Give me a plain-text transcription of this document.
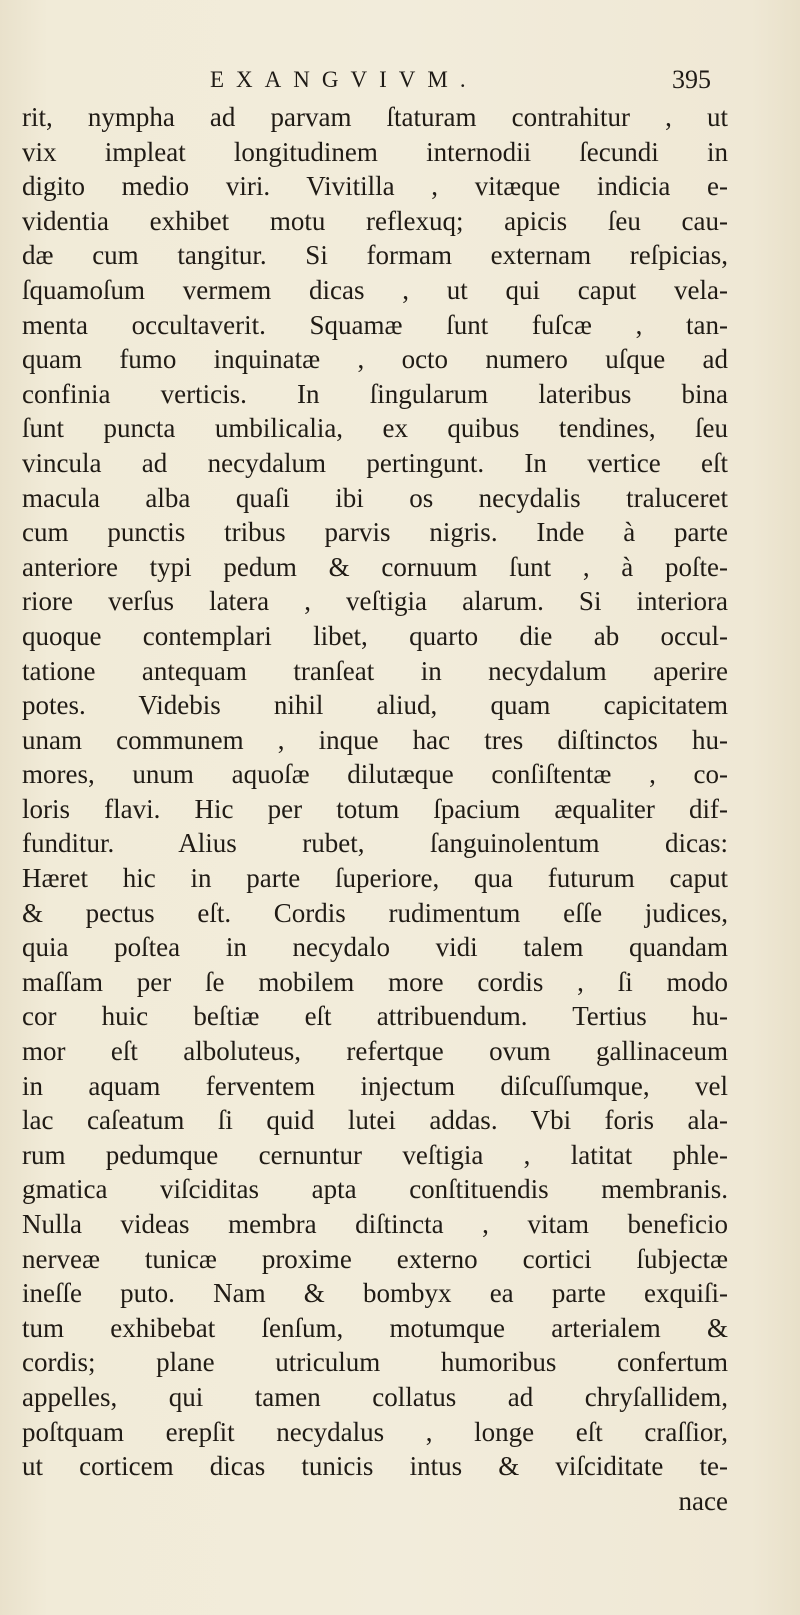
EXANGVIVM.	395
rit, nympha ad parvam ſtaturam contrahitur , ut
vix impleat longitudinem internodii ſecundi in
digito medio viri. Vivitilla , vitæque indicia e-
videntia exhibet motu reflexuq; apicis ſeu cau-
dæ cum tangitur. Si formam externam reſpicias,
ſquamoſum vermem dicas , ut qui caput vela-
menta occultaverit. Squamæ ſunt fuſcæ , tan-
quam fumo inquinatæ , octo numero uſque ad
confinia verticis. In ſingularum lateribus bina
ſunt puncta umbilicalia, ex quibus tendines, ſeu
vincula ad necydalum pertingunt. In vertice eſt
macula alba quaſi ibi os necydalis traluceret
cum punctis tribus parvis nigris. Inde à parte
anteriore typi pedum & cornuum ſunt , à poſte-
riore verſus latera , veſtigia alarum. Si interiora
quoque contemplari libet, quarto die ab occul-
tatione antequam tranſeat in necydalum aperire
potes. Videbis nihil aliud, quam capicitatem
unam communem , inque hac tres diſtinctos hu-
mores, unum aquoſæ dilutæque conſiſtentæ , co-
loris flavi. Hic per totum ſpacium æqualiter dif-
funditur. Alius rubet, ſanguinolentum dicas:
Hæret hic in parte ſuperiore, qua futurum caput
& pectus eſt. Cordis rudimentum eſſe judices,
quia poſtea in necydalo vidi talem quandam
maſſam per ſe mobilem more cordis , ſi modo
cor huic beſtiæ eſt attribuendum. Tertius hu-
mor eſt alboluteus, refertque ovum gallinaceum
in aquam ferventem injectum diſcuſſumque, vel
lac caſeatum ſi quid lutei addas. Vbi foris ala-
rum pedumque cernuntur veſtigia , latitat phle-
gmatica viſciditas apta conſtituendis membranis.
Nulla videas membra diſtincta , vitam beneficio
nerveæ tunicæ proxime externo cortici ſubjectæ
ineſſe puto. Nam & bombyx ea parte exquiſi-
tum exhibebat ſenſum, motumque arterialem &
cordis; plane utriculum humoribus confertum
appelles, qui tamen collatus ad chryſallidem,
poſtquam erepſit necydalus , longe eſt craſſior,
ut corticem dicas tunicis intus & viſciditate te-
nace
